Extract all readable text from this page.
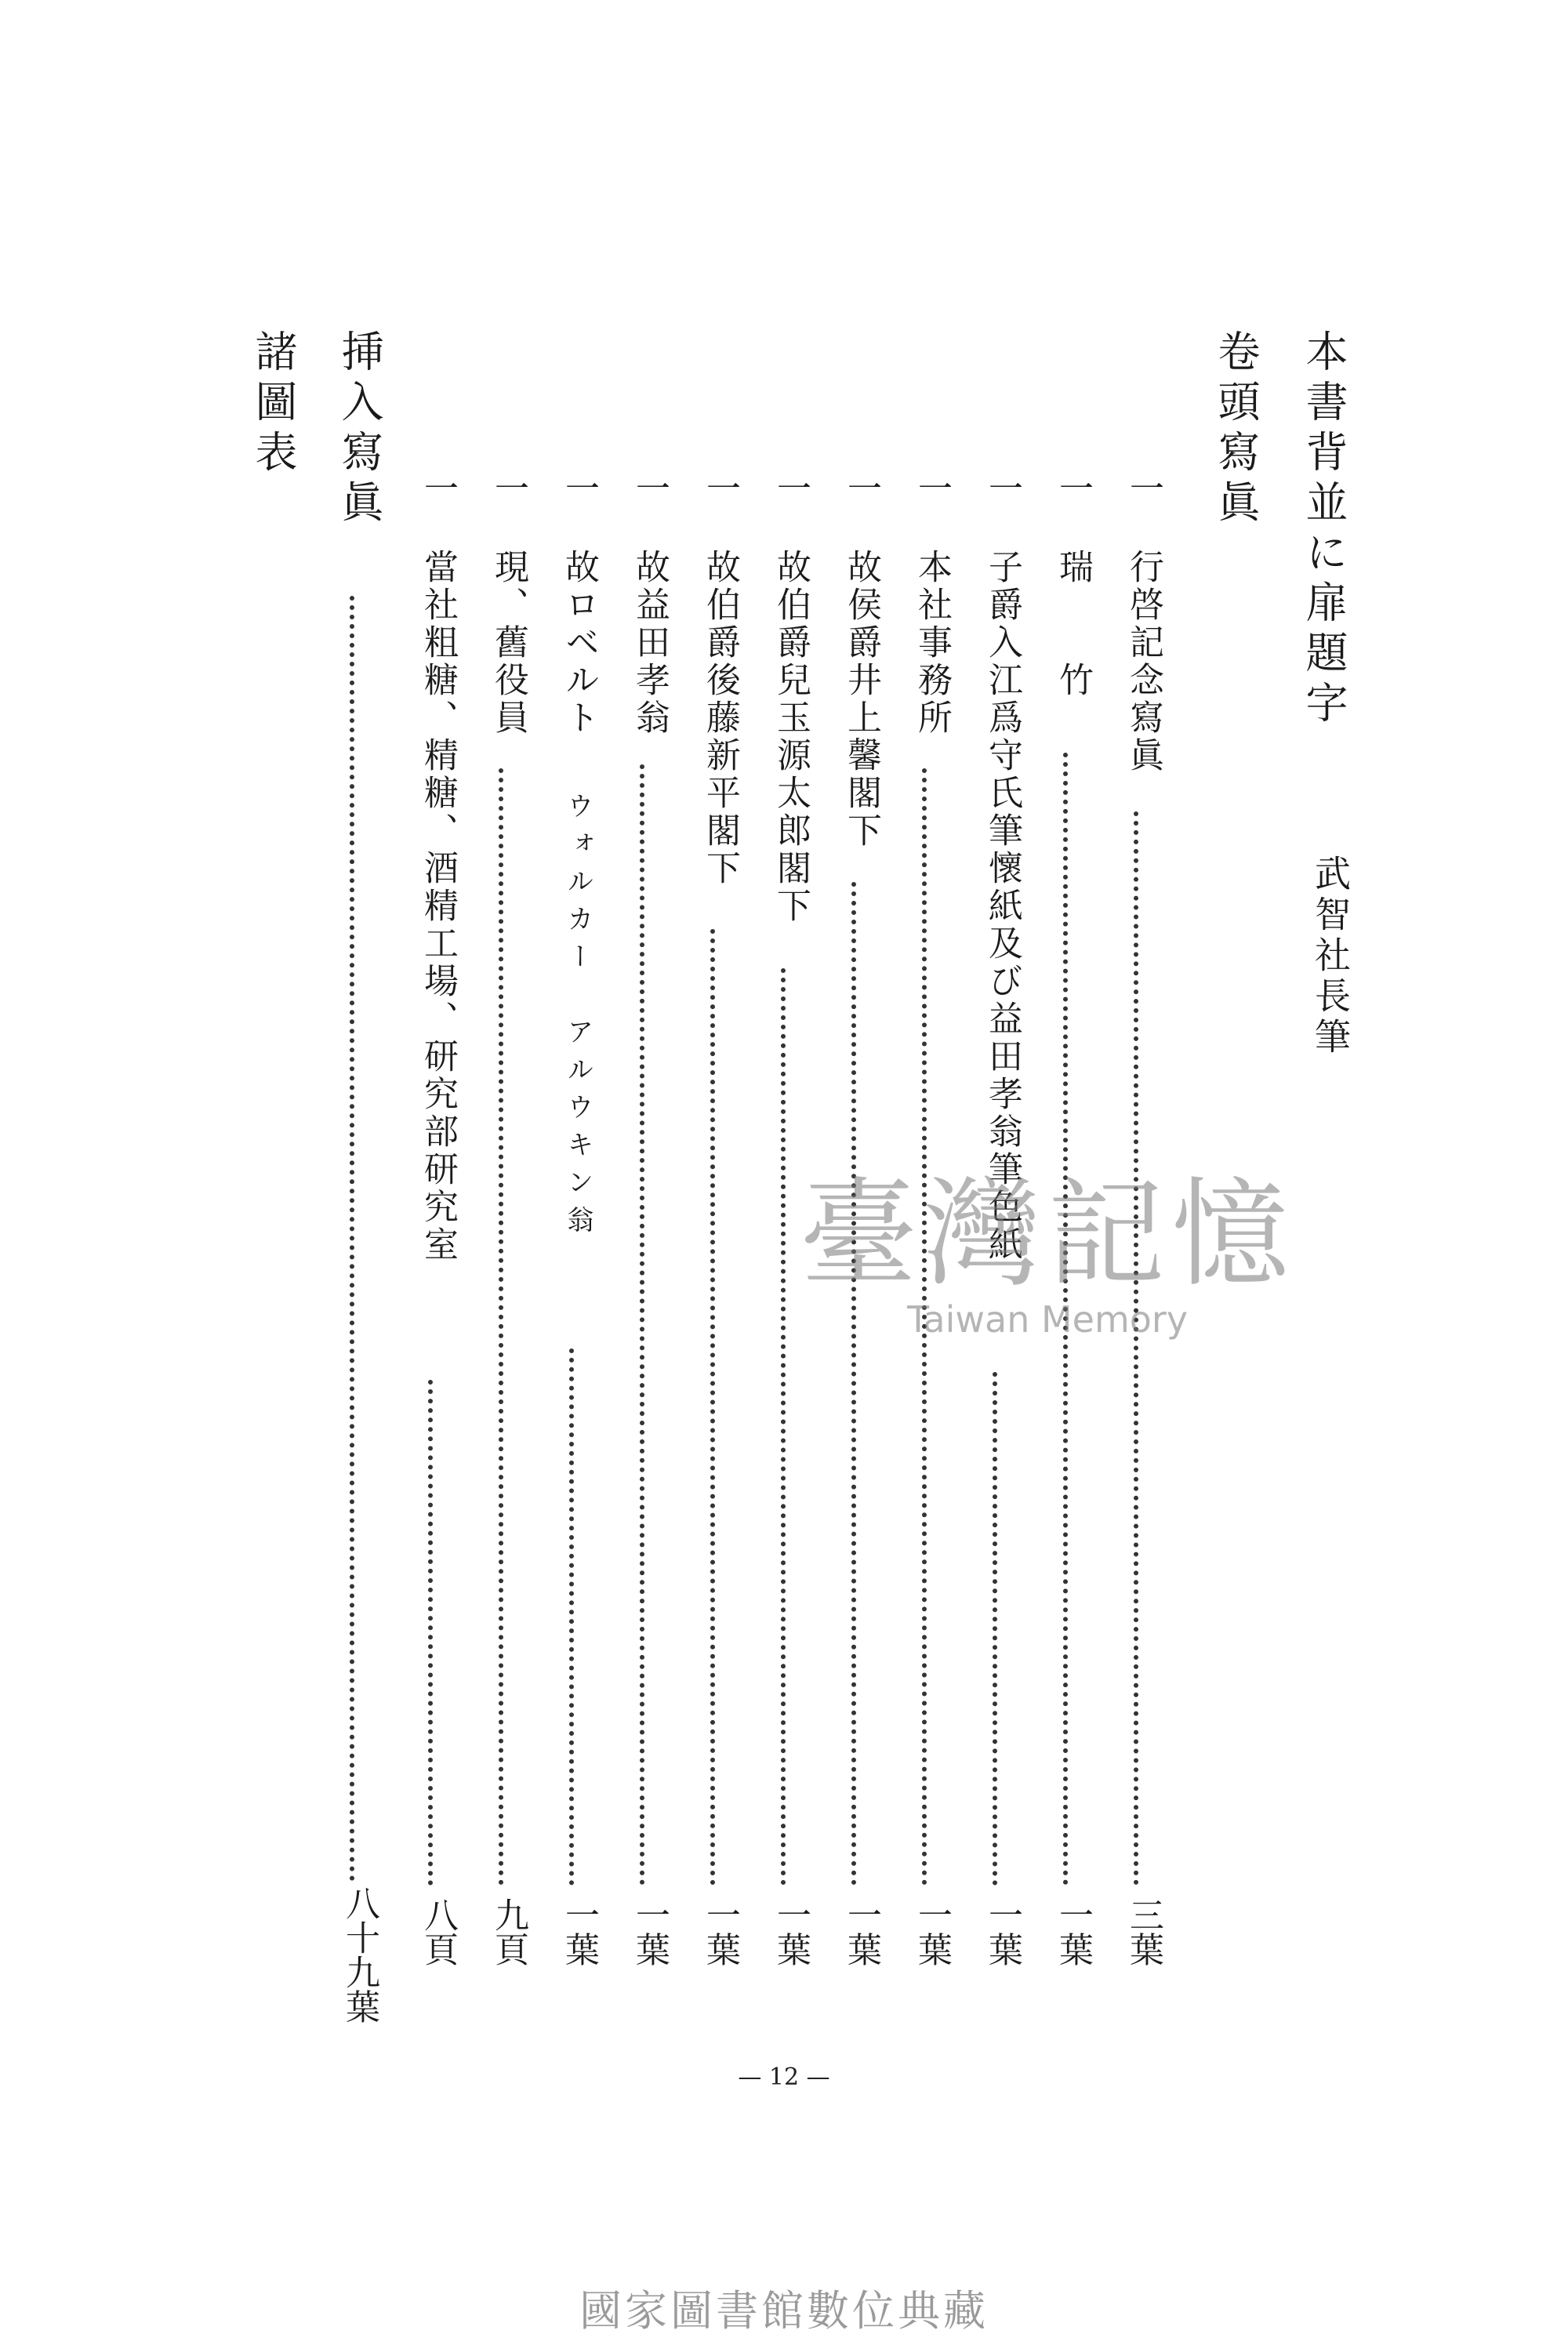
本書背並に扉題字
武智社長筆
卷頭寫眞
一
行啓記念寫眞
三葉
一
瑞　　竹
一葉
一
子爵入江爲守氏筆懷紙及び益田孝翁筆色紙
一葉
一
本社事務所
一葉
一
故侯爵井上馨閣下
一葉
一
故伯爵兒玉源太郎閣下
一葉
一
故伯爵後藤新平閣下
一葉
一
故益田孝翁
一葉
一
故ロベルト
ウォルカー　アルウキン翁
一葉
一
現、舊役員
九頁
一
當社粗糖、精糖、酒精工場、研究部研究室
八頁
挿入寫眞
八十九葉
諸圖表
臺灣記憶
Taiwan Memory
— 12 —
國家圖書館數位典藏
